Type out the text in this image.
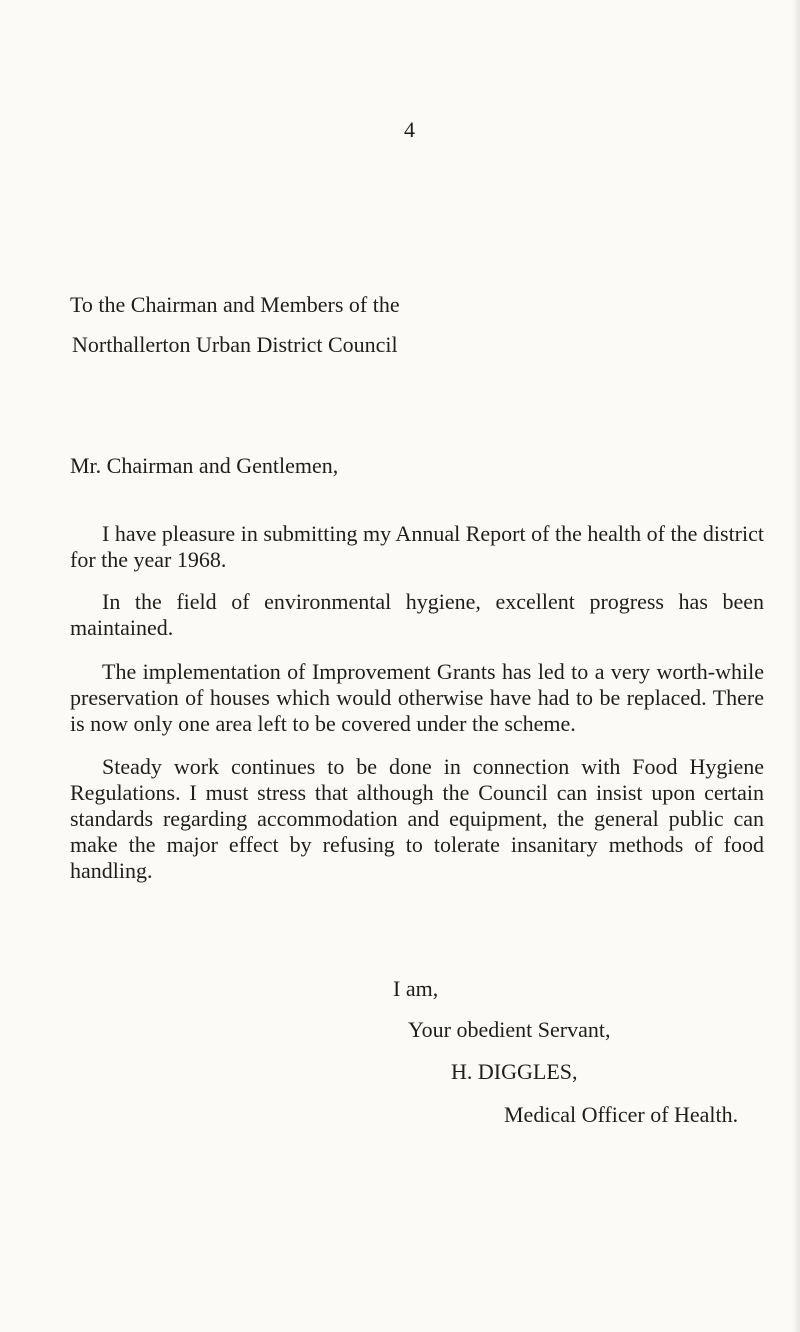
4
To the Chairman and Members of the
Northallerton Urban District Council

Mr. Chairman and Gentlemen,

I have pleasure in submitting my Annual Report of the health of the district for the year 1968.

In the field of environmental hygiene, excellent progress has been maintained.

The implementation of Improvement Grants has led to a very worth-while preservation of houses which would otherwise have had to be replaced. There is now only one area left to be covered under the scheme.

Steady work continues to be done in connection with Food Hygiene Regulations. I must stress that although the Council can insist upon certain standards regarding accommodation and equipment, the general public can make the major effect by refusing to tolerate insanitary methods of food handling.

I am,

Your obedient Servant,

H. DIGGLES,

Medical Officer of Health.
